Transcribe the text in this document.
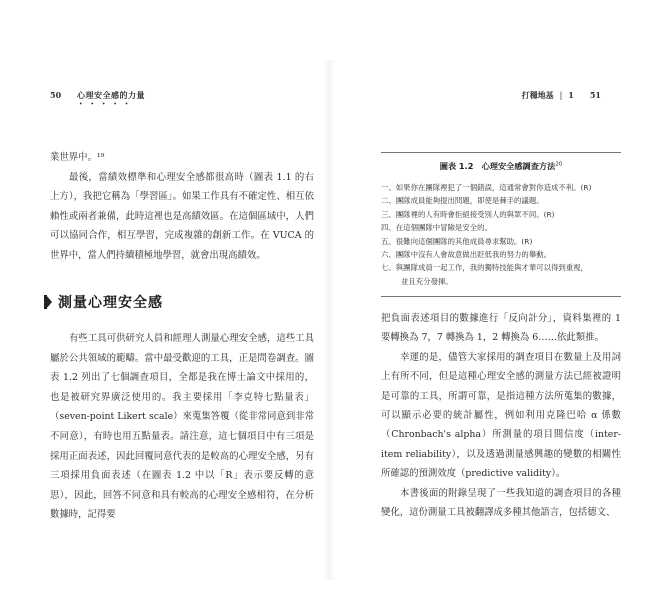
50 心理安全感的力量
• • • • •
打穩地基 | 1 51

業世界中。¹⁹

最後，當績效標準和心理安全感都很高時（圖表 1.1 的右上方），我把它稱為「學習區」。如果工作具有不確定性、相互依賴性或兩者兼備，此時這裡也是高績效區。在這個區域中，人們可以協同合作，相互學習，完成複雜的創新工作。在 VUCA 的世界中，當人們持續積極地學習，就會出現高績效。

測量心理安全感

有些工具可供研究人員和經理人測量心理安全感，這些工具屬於公共領域的範疇。當中最受歡迎的工具，正是問卷調查。圖表 1.2 列出了七個調查項目，全都是我在博士論文中採用的，也是被研究界廣泛使用的。我主要採用「李克特七點量表」（seven-point Likert scale）來蒐集答覆（從非常同意到非常不同意），有時也用五點量表。請注意，這七個項目中有三項是採用正面表述，因此回覆同意代表的是較高的心理安全感，另有三項採用負面表述（在圖表 1.2 中以「R」表示要反轉的意思），因此，回答不同意和具有較高的心理安全感相符，在分析數據時，記得要

圖表 1.2　心理安全感調查方法$^{20}$
一、如果你在團隊裡犯了一個錯誤，這通常會對你造成不利。(R)
二、團隊成員能夠提出問題，即使是棘手的議題。
三、團隊裡的人有時會拒絕接受別人的與眾不同。(R)
四、在這個團隊中冒險是安全的。
五、很難向這個團隊的其他成員尋求幫助。(R)
六、團隊中沒有人會故意做出貶低我的努力的舉動。
七、與團隊成員一起工作，我的獨特技能與才華可以得到重視，
並且充分發揮。

把負面表述項目的數據進行「反向計分」，資料集裡的 1 要轉換為 7，7 轉換為 1，2 轉換為 6……依此類推。

幸運的是，儘管大家採用的調查項目在數量上及用詞上有所不同，但是這種心理安全感的測量方法已經被證明是可靠的工具，所謂可靠，是指這種方法所蒐集的數據，可以顯示必要的統計屬性，例如利用克隆巴哈 α 係數（Chronbach's alpha）所測量的項目間信度（inter-item reliability），以及透過測量感興趣的變數的相關性所確認的預測效度（predictive validity）。

本書後面的附錄呈現了一些我知道的調查項目的各種變化，這份測量工具被翻譯成多種其他語言，包括德文、
